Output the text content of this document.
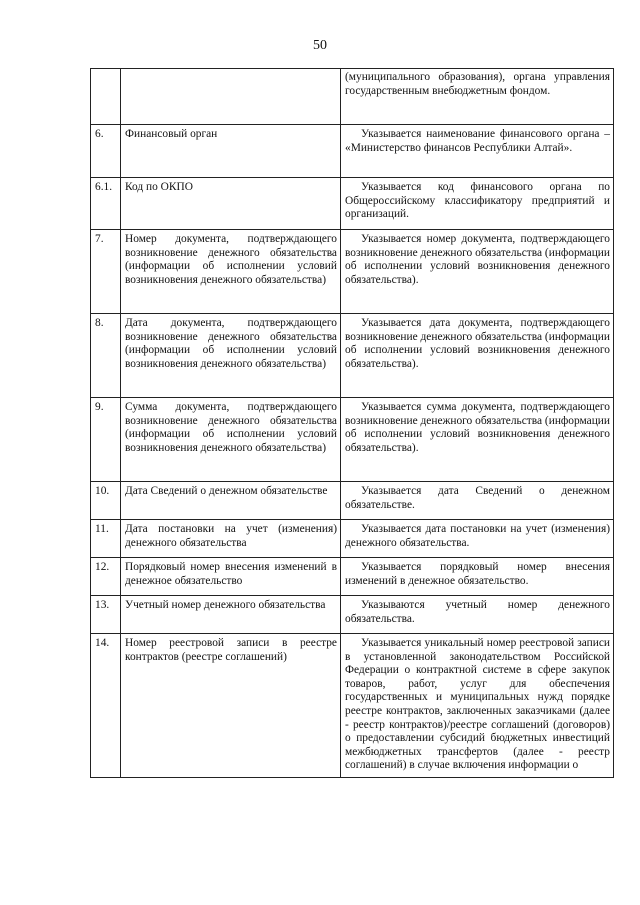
50
		(муниципального образования), органа управления государственным внебюджетным фондом.
6.	Финансовый орган	Указывается наименование финансового органа – «Министерство финансов Республики Алтай».
6.1.	Код по ОКПО	Указывается код финансового органа по Общероссийскому классификатору предприятий и организаций.
7.	Номер документа, подтверждающего возникновение денежного обязательства (информации об исполнении условий возникновения денежного обязательства)	Указывается номер документа, подтверждающего возникновение денежного обязательства (информации об исполнении условий возникновения денежного обязательства).
8.	Дата документа, подтверждающего возникновение денежного обязательства (информации об исполнении условий возникновения денежного обязательства)	Указывается дата документа, подтверждающего возникновение денежного обязательства (информации об исполнении условий возникновения денежного обязательства).
9.	Сумма документа, подтверждающего возникновение денежного обязательства (информации об исполнении условий возникновения денежного обязательства)	Указывается сумма документа, подтверждающего возникновение денежного обязательства (информации об исполнении условий возникновения денежного обязательства).
10.	Дата Сведений о денежном обязательстве	Указывается дата Сведений о денежном обязательстве.
11.	Дата постановки на учет (изменения) денежного обязательства	Указывается дата постановки на учет (изменения) денежного обязательства.
12.	Порядковый номер внесения изменений в денежное обязательство	Указывается порядковый номер внесения изменений в денежное обязательство.
13.	Учетный номер денежного обязательства	Указываются учетный номер денежного обязательства.
14.	Номер реестровой записи в реестре контрактов (реестре соглашений)	Указывается уникальный номер реестровой записи в установленной законодательством Российской Федерации о контрактной системе в сфере закупок товаров, работ, услуг для обеспечения государственных и муниципальных нужд порядке реестре контрактов, заключенных заказчиками (далее - реестр контрактов)/реестре соглашений (договоров) о предоставлении субсидий бюджетных инвестиций межбюджетных трансфертов (далее - реестр соглашений) в случае включения информации о
